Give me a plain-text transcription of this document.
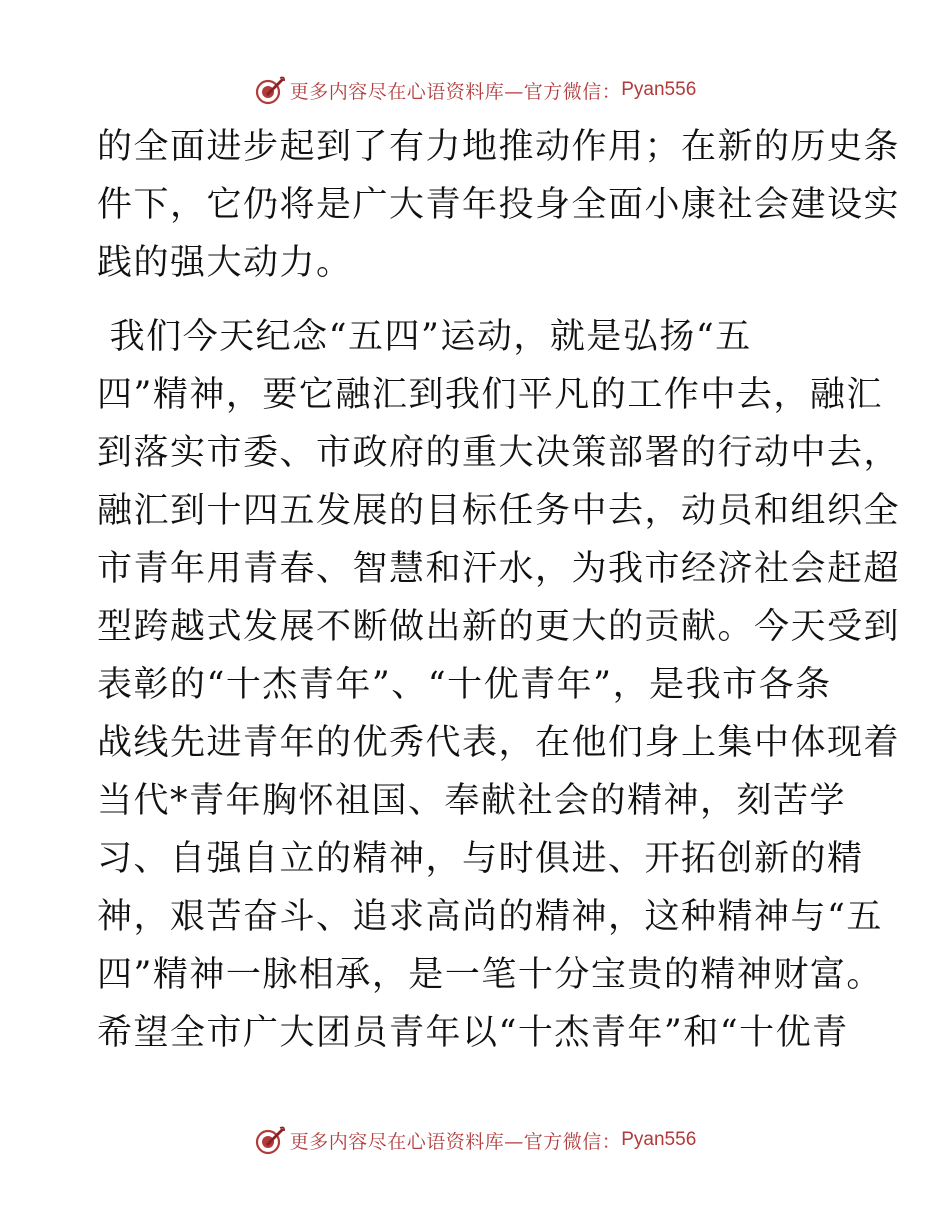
更多内容尽在心语资料库—官方微信： Pyan556
的全面进步起到了有力地推动作用；在新的历史条
件下，它仍将是广大青年投身全面小康社会建设实
践的强大动力。
我们今天纪念“五四”运动，就是弘扬“五
四”精神，要它融汇到我们平凡的工作中去，融汇
到落实市委、市政府的重大决策部署的行动中去，
融汇到十四五发展的目标任务中去，动员和组织全
市青年用青春、智慧和汗水，为我市经济社会赶超
型跨越式发展不断做出新的更大的贡献。今天受到
表彰的“十杰青年”、“十优青年”，是我市各条
战线先进青年的优秀代表，在他们身上集中体现着
当代*青年胸怀祖国、奉献社会的精神，刻苦学
习、自强自立的精神，与时俱进、开拓创新的精
神，艰苦奋斗、追求高尚的精神，这种精神与“五
四”精神一脉相承，是一笔十分宝贵的精神财富。
希望全市广大团员青年以“十杰青年”和“十优青
更多内容尽在心语资料库—官方微信： Pyan556
